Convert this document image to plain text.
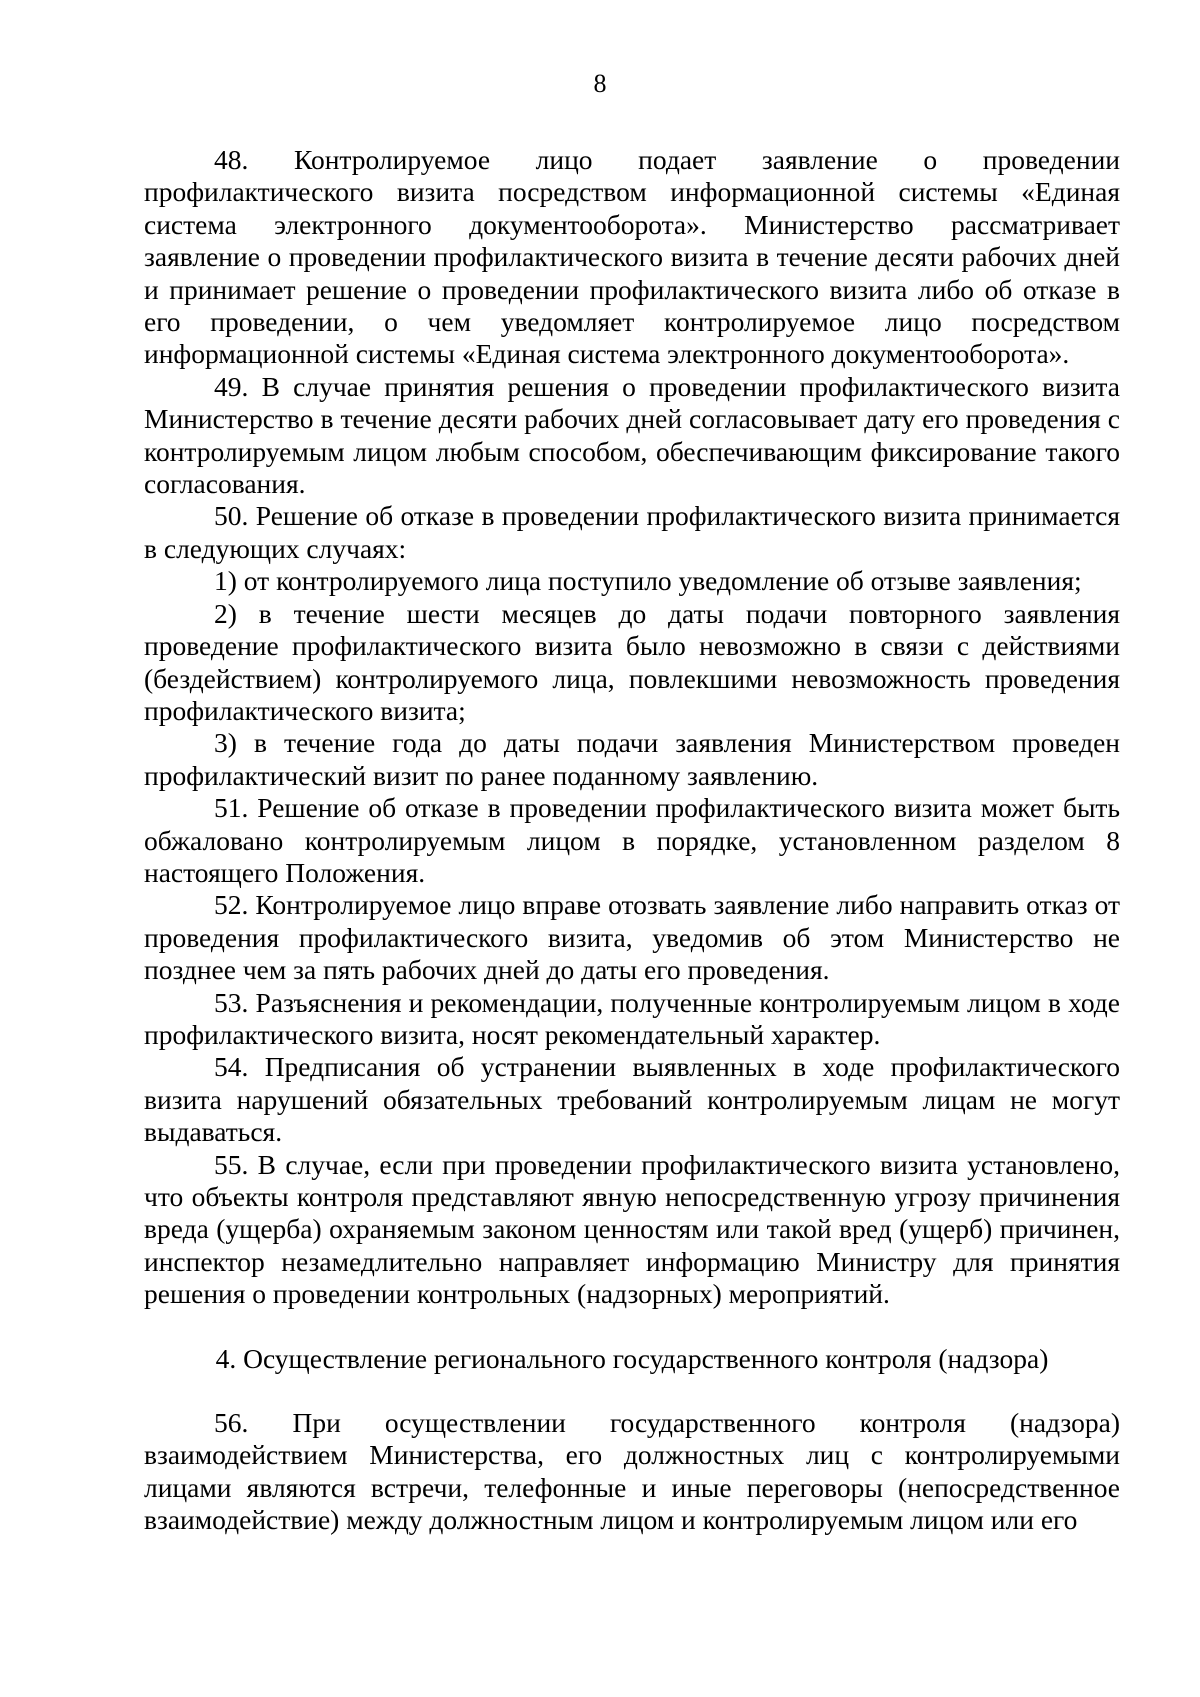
8

48. Контролируемое лицо подает заявление о проведении профилактического визита посредством информационной системы «Единая система электронного документооборота». Министерство рассматривает заявление о проведении профилактического визита в течение десяти рабочих дней и принимает решение о проведении профилактического визита либо об отказе в его проведении, о чем уведомляет контролируемое лицо посредством информационной системы «Единая система электронного документооборота».

49. В случае принятия решения о проведении профилактического визита Министерство в течение десяти рабочих дней согласовывает дату его проведения с контролируемым лицом любым способом, обеспечивающим фиксирование такого согласования.

50. Решение об отказе в проведении профилактического визита принимается в следующих случаях:

1) от контролируемого лица поступило уведомление об отзыве заявления;

2) в течение шести месяцев до даты подачи повторного заявления проведение профилактического визита было невозможно в связи с действиями (бездействием) контролируемого лица, повлекшими невозможность проведения профилактического визита;

3) в течение года до даты подачи заявления Министерством проведен профилактический визит по ранее поданному заявлению.

51. Решение об отказе в проведении профилактического визита может быть обжаловано контролируемым лицом в порядке, установленном разделом 8 настоящего Положения.

52. Контролируемое лицо вправе отозвать заявление либо направить отказ от проведения профилактического визита, уведомив об этом Министерство не позднее чем за пять рабочих дней до даты его проведения.

53. Разъяснения и рекомендации, полученные контролируемым лицом в ходе профилактического визита, носят рекомендательный характер.

54. Предписания об устранении выявленных в ходе профилактического визита нарушений обязательных требований контролируемым лицам не могут выдаваться.

55. В случае, если при проведении профилактического визита установлено, что объекты контроля представляют явную непосредственную угрозу причинения вреда (ущерба) охраняемым законом ценностям или такой вред (ущерб) причинен, инспектор незамедлительно направляет информацию Министру для принятия решения о проведении контрольных (надзорных) мероприятий.

4. Осуществление регионального государственного контроля (надзора)

56. При осуществлении государственного контроля (надзора) взаимодействием Министерства, его должностных лиц с контролируемыми лицами являются встречи, телефонные и иные переговоры (непосредственное взаимодействие) между должностным лицом и контролируемым лицом или его
